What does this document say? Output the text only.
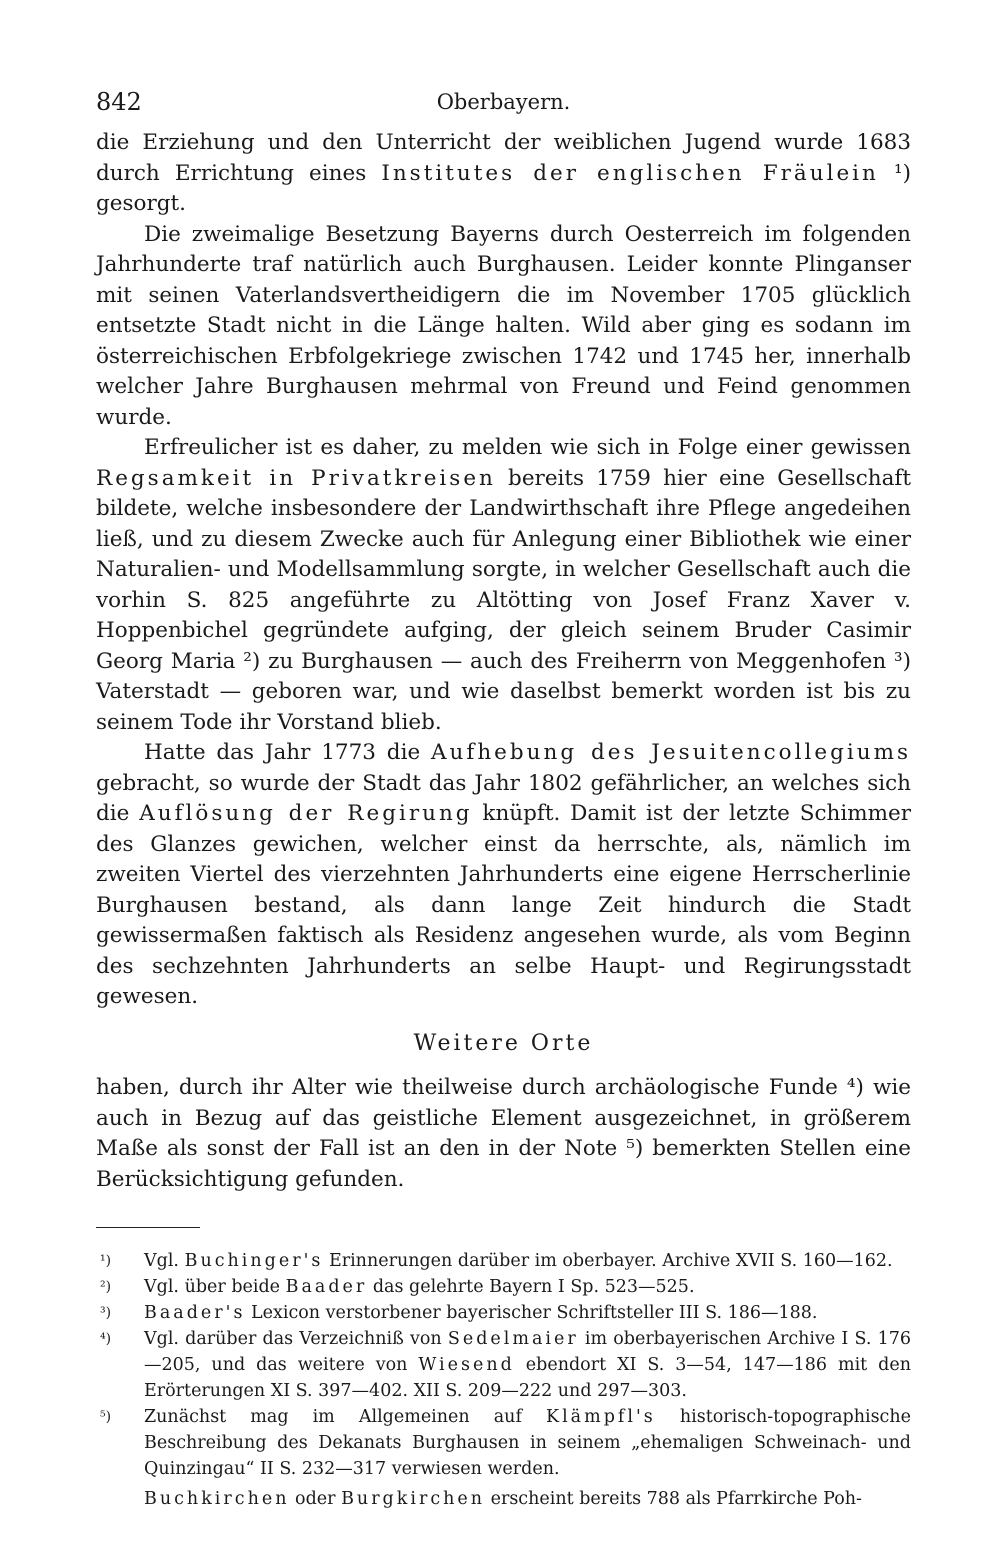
842	Oberbayern.

die Erziehung und den Unterricht der weiblichen Jugend wurde 1683 durch Errichtung eines Institutes der englischen Fräulein ¹) gesorgt.

Die zweimalige Besetzung Bayerns durch Oesterreich im folgenden Jahrhunderte traf natürlich auch Burghausen. Leider konnte Plinganser mit seinen Vaterlandsvertheidigern die im November 1705 glücklich entsetzte Stadt nicht in die Länge halten. Wild aber ging es sodann im österreichischen Erbfolgekriege zwischen 1742 und 1745 her, innerhalb welcher Jahre Burghausen mehrmal von Freund und Feind genommen wurde.

Erfreulicher ist es daher, zu melden wie sich in Folge einer gewissen Regsamkeit in Privatkreisen bereits 1759 hier eine Gesellschaft bildete, welche insbesondere der Landwirthschaft ihre Pflege angedeihen ließ, und zu diesem Zwecke auch für Anlegung einer Bibliothek wie einer Naturalien- und Modellsammlung sorgte, in welcher Gesellschaft auch die vorhin S. 825 angeführte zu Altötting von Josef Franz Xaver v. Hoppenbichel gegründete aufging, der gleich seinem Bruder Casimir Georg Maria ²) zu Burghausen — auch des Freiherrn von Meggenhofen ³) Vaterstadt — geboren war, und wie daselbst bemerkt worden ist bis zu seinem Tode ihr Vorstand blieb.

Hatte das Jahr 1773 die Aufhebung des Jesuitencollegiums gebracht, so wurde der Stadt das Jahr 1802 gefährlicher, an welches sich die Auflösung der Regirung knüpft. Damit ist der letzte Schimmer des Glanzes gewichen, welcher einst da herrschte, als, nämlich im zweiten Viertel des vierzehnten Jahrhunderts eine eigene Herrscherlinie Burghausen bestand, als dann lange Zeit hindurch die Stadt gewissermaßen faktisch als Residenz angesehen wurde, als vom Beginn des sechzehnten Jahrhunderts an selbe Haupt- und Regirungsstadt gewesen.

Weitere Orte

haben, durch ihr Alter wie theilweise durch archäologische Funde ⁴) wie auch in Bezug auf das geistliche Element ausgezeichnet, in größerem Maße als sonst der Fall ist an den in der Note ⁵) bemerkten Stellen eine Berücksichtigung gefunden.

¹) Vgl. Buchinger's Erinnerungen darüber im oberbayer. Archive XVII S. 160—162.

²) Vgl. über beide Baader das gelehrte Bayern I Sp. 523—525.

³) Baader's Lexicon verstorbener bayerischer Schriftsteller III S. 186—188.

⁴) Vgl. darüber das Verzeichniß von Sedelmaier im oberbayerischen Archive I S. 176—205, und das weitere von Wiesend ebendort XI S. 3—54, 147—186 mit den Erörterungen XI S. 397—402. XII S. 209—222 und 297—303.

⁵) Zunächst mag im Allgemeinen auf Klämpfl's historisch-topographische Beschreibung des Dekanats Burghausen in seinem „ehemaligen Schweinach- und Quinzingau“ II S. 232—317 verwiesen werden.

Buchkirchen oder Burgkirchen erscheint bereits 788 als Pfarrkirche Poh-
